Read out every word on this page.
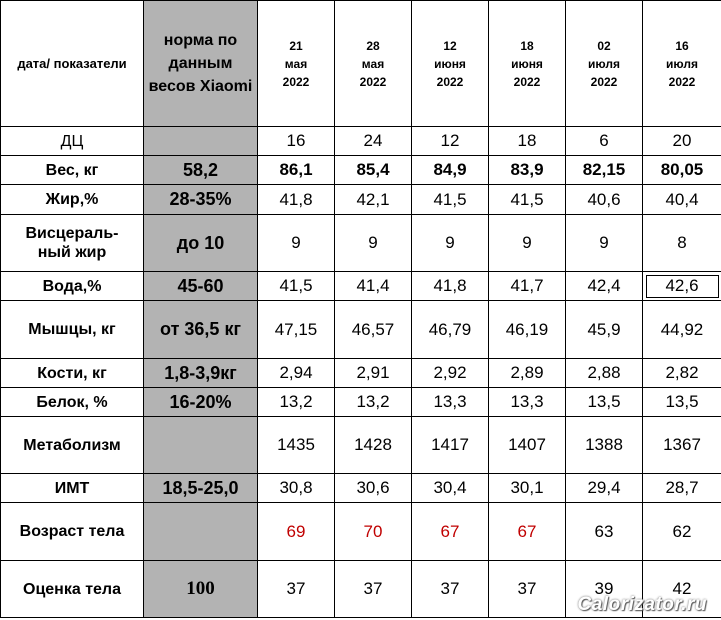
дата/ показатели	норма по данным весов Xiaomi	21
мая
2022	28
мая
2022	12
июня
2022	18
июня
2022	02
июля
2022	16
июля
2022
ДЦ		16	24	12	18	6	20
Вес, кг	58,2	86,1	85,4	84,9	83,9	82,15	80,05
Жир,%	28-35%	41,8	42,1	41,5	41,5	40,6	40,4
Висцераль-
ный жир	до 10	9	9	9	9	9	8
Вода,%	45-60	41,5	41,4	41,8	41,7	42,4	42,6
Мышцы, кг	от 36,5 кг	47,15	46,57	46,79	46,19	45,9	44,92
Кости, кг	1,8-3,9кг	2,94	2,91	2,92	2,89	2,88	2,82
Белок, %	16-20%	13,2	13,2	13,3	13,3	13,5	13,5
Метаболизм		1435	1428	1417	1407	1388	1367
ИМТ	18,5-25,0	30,8	30,6	30,4	30,1	29,4	28,7
Возраст тела		69	70	67	67	63	62
Оценка тела	100	37	37	37	37	39	42
Calorizator.ru
